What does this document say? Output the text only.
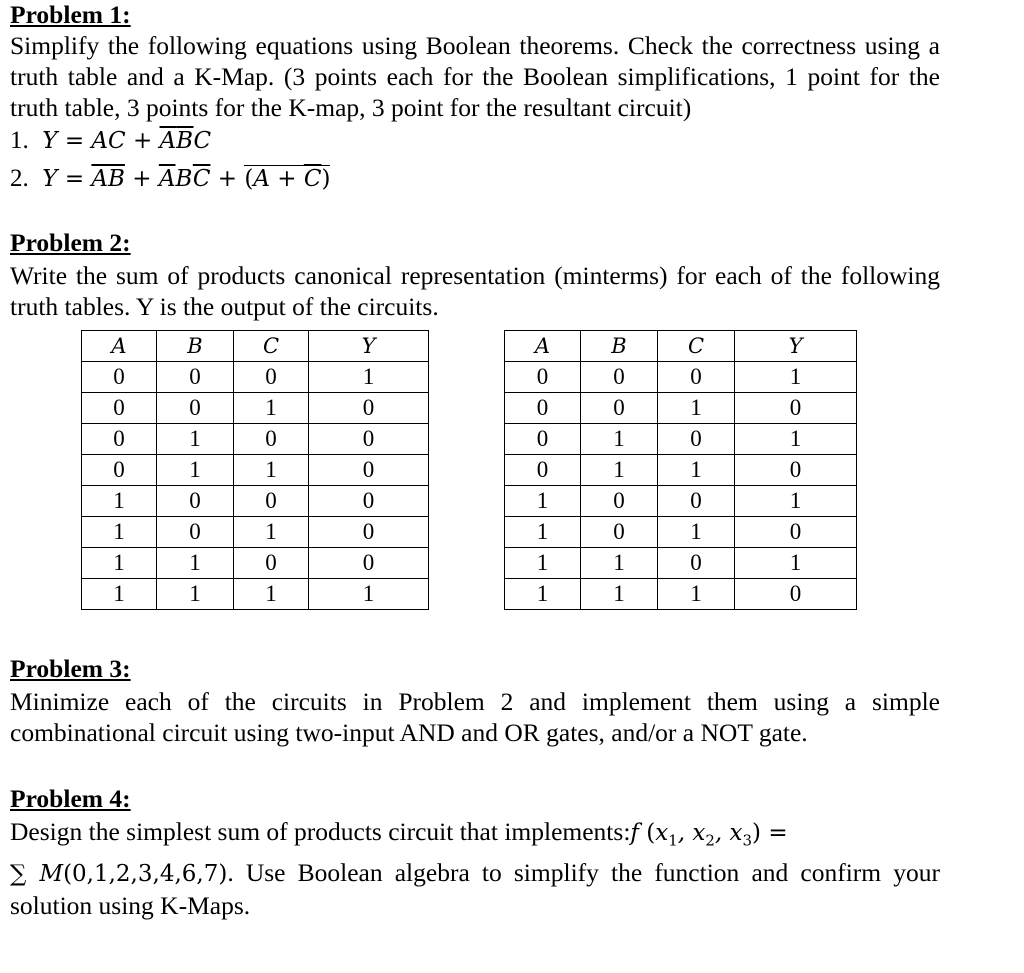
Problem 1:
Simplify the following equations using Boolean theorems. Check the correctness using a truth table and a K-Map. (3 points each for the Boolean simplifications, 1 point for the truth table, 3 points for the K-map, 3 point for the resultant circuit)
1.  Y = AC + $\overline{A}\overline{B}C$
2.  $Y = \overline{A}\overline{B} + \overline{A}B\overline{C} + (A + \overline{C})$
Problem 2:
Write the sum of products canonical representation (minterms) for each of the following truth tables. Y is the output of the circuits.
Problem 3:
Minimize each of the circuits in Problem 2 and implement them using a simple combinational circuit using two-input AND and OR gates, and/or a NOT gate.
Problem 4:
Design the simplest sum of products circuit that implements:f ($x_1$, $x_2$, $x_3$) =
∑ M(0,1,2,3,4,6,7). Use Boolean algebra to simplify the function and confirm your solution using K-Maps.
A	B	C	Y
0	0	0	1
0	0	1	0
0	1	0	0
0	1	1	0
1	0	0	0
1	0	1	0
1	1	0	0
1	1	1	1
A	B	C	Y
0	0	0	1
0	0	1	0
0	1	0	1
0	1	1	0
1	0	0	1
1	0	1	0
1	1	0	1
1	1	1	0
